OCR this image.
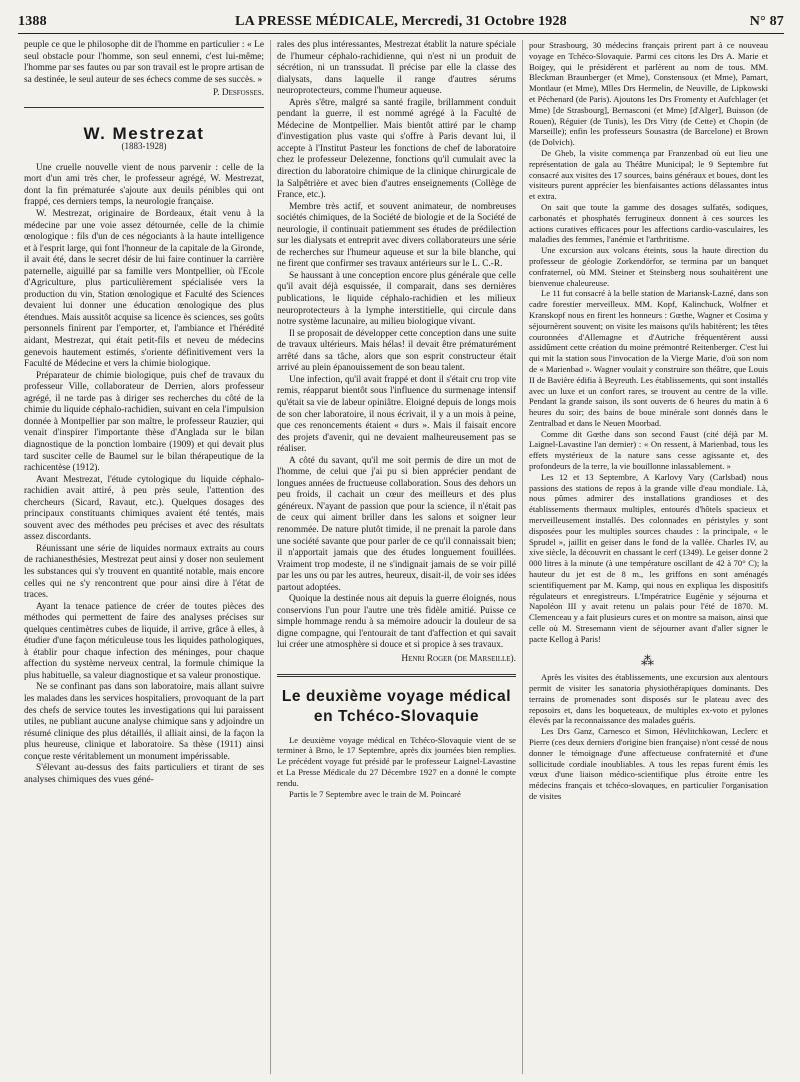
1388	LA PRESSE MÉDICALE, Mercredi, 31 Octobre 1928	N° 87

peuple ce que le philosophe dit de l'homme en particulier : « Le seul obstacle pour l'homme, son seul ennemi, c'est lui-même; l'homme par ses fautes ou par son travail est le propre artisan de sa destinée, le seul auteur de ses échecs comme de ses succès. »

P. Desfosses.

W. Mestrezat
(1883-1928)

Une cruelle nouvelle vient de nous parvenir : celle de la mort d'un ami très cher, le professeur agrégé, W. Mestrezat, dont la fin prématurée s'ajoute aux deuils pénibles qui ont frappé, ces derniers temps, la neurologie française.

W. Mestrezat, originaire de Bordeaux, était venu à la médecine par une voie assez détournée, celle de la chimie œnologique : fils d'un de ces négociants à la haute intelligence et à l'esprit large, qui font l'honneur de la capitale de la Gironde, il avait été, dans le secret désir de lui faire continuer la carrière paternelle, aiguillé par sa famille vers Montpellier, où l'Ecole d'Agriculture, plus particulièrement spécialisée vers la production du vin, Station œnologique et Faculté des Sciences devaient lui donner une éducation œnologique des plus étendues. Mais aussitôt acquise sa licence ès sciences, ses goûts personnels finirent par l'emporter, et, l'ambiance et l'hérédité aidant, Mestrezat, qui était petit-fils et neveu de médecins genevois hautement estimés, s'oriente définitivement vers la Faculté de Médecine et vers la chimie biologique.

Préparateur de chimie biologique, puis chef de travaux du professeur Ville, collaborateur de Derrien, alors professeur agrégé, il ne tarde pas à diriger ses recherches du côté de la chimie du liquide céphalo-rachidien, suivant en cela l'impulsion donnée à Montpellier par son maître, le professeur Rauzier, qui venait d'inspirer l'importante thèse d'Anglada sur le bilan diagnostique de la ponction lombaire (1909) et qui devait plus tard susciter celle de Baumel sur le bilan thérapeutique de la rachicentèse (1912).

Avant Mestrezat, l'étude cytologique du liquide céphalo-rachidien avait attiré, à peu près seule, l'attention des chercheurs (Sicard, Ravaut, etc.). Quelques dosages des principaux constituants chimiques avaient été tentés, mais souvent avec des méthodes peu précises et avec des résultats assez discordants.

Réunissant une série de liquides normaux extraits au cours de rachianesthésies, Mestrezat peut ainsi y doser non seulement les substances qui s'y trouvent en quantité notable, mais encore celles qui ne s'y rencontrent que pour ainsi dire à l'état de traces.

Ayant la tenace patience de créer de toutes pièces des méthodes qui permettent de faire des analyses précises sur quelques centimètres cubes de liquide, il arrive, grâce à elles, à étudier d'une façon méticuleuse tous les liquides pathologiques, à établir pour chaque infection des méninges, pour chaque affection du système nerveux central, la formule chimique la plus habituelle, sa valeur diagnostique et sa valeur pronostique.

Ne se confinant pas dans son laboratoire, mais allant suivre les malades dans les services hospitaliers, provoquant de la part des chefs de service toutes les investigations qui lui paraissent utiles, ne publiant aucune analyse chimique sans y adjoindre un résumé clinique des plus détaillés, il alliait ainsi, de la façon la plus heureuse, clinique et laboratoire. Sa thèse (1911) ainsi conçue reste véritablement un monument impérissable.

S'élevant au-dessus des faits particuliers et tirant de ses analyses chimiques des vues géné-

rales des plus intéressantes, Mestrezat établit la nature spéciale de l'humeur céphalo-rachidienne, qui n'est ni un produit de sécrétion, ni un transsudat. Il précise par elle la classe des dialysats, dans laquelle il range d'autres sérums neuroprotecteurs, comme l'humeur aqueuse.

Après s'être, malgré sa santé fragile, brillamment conduit pendant la guerre, il est nommé agrégé à la Faculté de Médecine de Montpellier. Mais bientôt attiré par le champ d'investigation plus vaste qui s'offre à Paris devant lui, il accepte à l'Institut Pasteur les fonctions de chef de laboratoire chez le professeur Delezenne, fonctions qu'il cumulait avec la direction du laboratoire chimique de la clinique chirurgicale de la Salpêtrière et avec bien d'autres enseignements (Collège de France, etc.).

Membre très actif, et souvent animateur, de nombreuses sociétés chimiques, de la Société de biologie et de la Société de neurologie, il continuait patiemment ses études de prédilection sur les dialysats et entreprit avec divers collaborateurs une série de recherches sur l'humeur aqueuse et sur la bile blanche, qui ne firent que confirmer ses travaux antérieurs sur le L. C.-R.

Se haussant à une conception encore plus générale que celle qu'il avait déjà esquissée, il comparait, dans ses dernières publications, le liquide céphalo-rachidien et les milieux neuroprotecteurs à la lymphe interstitielle, qui circule dans notre système lacunaire, au milieu biologique vivant.

Il se proposait de développer cette conception dans une suite de travaux ultérieurs. Mais hélas! il devait être prématurément arrêté dans sa tâche, alors que son esprit constructeur était arrivé au plein épanouissement de son beau talent.

Une infection, qu'il avait frappé et dont il s'était cru trop vite remis, réapparut bientôt sous l'influence du surmenage intensif qu'était sa vie de labeur opiniâtre. Eloigné depuis de longs mois de son cher laboratoire, il nous écrivait, il y a un mois à peine, que ces renoncements étaient « durs ». Mais il faisait encore des projets d'avenir, qui ne devaient malheureusement pas se réaliser.

A côté du savant, qu'il me soit permis de dire un mot de l'homme, de celui que j'ai pu si bien apprécier pendant de longues années de fructueuse collaboration. Sous des dehors un peu froids, il cachait un cœur des meilleurs et des plus généreux. N'ayant de passion que pour la science, il n'était pas de ceux qui aiment briller dans les salons et soigner leur renommée. De nature plutôt timide, il ne prenait la parole dans une société savante que pour parler de ce qu'il connaissait bien; il n'apportait jamais que des études longuement fouillées. Vraiment trop modeste, il ne s'indignait jamais de se voir pillé par les uns ou par les autres, heureux, disait-il, de voir ses idées partout adoptées.

Quoique la destinée nous ait depuis la guerre éloignés, nous conservions l'un pour l'autre une très fidèle amitié. Puisse ce simple hommage rendu à sa mémoire adoucir la douleur de sa digne compagne, qui l'entourait de tant d'affection et qui savait lui créer une atmosphère si douce et si propice à ses travaux.

Henri Roger (de Marseille).

Le deuxième voyage médical
en Tchéco-Slovaquie

Le deuxième voyage médical en Tchéco-Slovaquie vient de se terminer à Brno, le 17 Septembre, après dix journées bien remplies. Le précédent voyage fut présidé par le professeur Laignel-Lavastine et La Presse Médicale du 27 Décembre 1927 en a donné le compte rendu.

Partis le 7 Septembre avec le train de M. Poincaré

pour Strasbourg, 30 médecins français prirent part à ce nouveau voyage en Tchéco-Slovaquie. Parmi ces citons les Drs A. Marie et Boigey, qui le présidèrent et parlèrent au nom de tous. MM. Bleckman Braunberger (et Mme), Constensoux (et Mme), Pamart, Montlaur (et Mme), Mlles Drs Hermelin, de Neuville, de Lipkowski et Péchenard (de Paris). Ajoutons les Drs Fromenty et Aufchlager (et Mme) [de Strasbourg], Bernasconi (et Mme) [d'Alger], Buisson (de Rouen), Réguier (de Tunis), les Drs Vitry (de Cette) et Chopin (de Marseille); enfin les professeurs Sousastra (de Barcelone) et Brown (de Dolvich).

De Gheb, la visite commença par Franzenbad où eut lieu une représentation de gala au Théâtre Municipal; le 9 Septembre fut consacré aux visites des 17 sources, bains généraux et boues, dont les visiteurs purent apprécier les bienfaisantes actions délassantes intus et extra.

On sait que toute la gamme des dosages sulfatés, sodiques, carbonatés et phosphatés ferrugineux donnent à ces sources les actions curatives efficaces pour les affections cardio-vasculaires, les maladies des femmes, l'anémie et l'arthritisme.

Une excursion aux volcans éteints, sous la haute direction du professeur de géologie Zorkendörfor, se termina par un banquet confraternel, où MM. Steiner et Steinsberg nous souhaitèrent une bienvenue chaleureuse.

Le 11 fut consacré à la belle station de Mariansk-Lazné, dans son cadre forestier merveilleux. MM. Kopf, Kalinchuck, Wolfner et Kranskopf nous en firent les honneurs : Gœthe, Wagner et Cosima y séjournèrent souvent; on visite les maisons qu'ils habitèrent; les têtes couronnées d'Allemagne et d'Autriche fréquentèrent aussi assidûment cette création du moine prémontré Reitenberger. C'est lui qui mit la station sous l'invocation de la Vierge Marie, d'où son nom de « Marienbad ». Wagner voulait y construire son théâtre, que Louis II de Bavière édifia à Beyreuth. Les établissements, qui sont installés avec un luxe et un confort rares, se trouvent au centre de la ville. Pendant la grande saison, ils sont ouverts de 6 heures du matin à 6 heures du soir; des bains de boue minérale sont donnés dans le Zentralbad et dans le Neuen Moorbad.

Comme dit Gœthe dans son second Faust (cité déjà par M. Laignel-Lavastine l'an dernier) : « On ressent, à Marienbad, tous les effets mystérieux de la nature sans cesse agissante et, des profondeurs de la terre, la vie bouillonne inlassablement. »

Les 12 et 13 Septembre, A Karlovy Vary (Carlsbad) nous passions des stations de repos à la grande ville d'eau mondiale. Là, nous pûmes admirer des installations grandioses et des établissements thermaux multiples, entourés d'hôtels spacieux et merveilleusement installés. Des colonnades en péristyles y sont disposées pour les multiples sources chaudes : la principale, « le Sprudel », jaillit en geiser dans le fond de la vallée. Charles IV, au xive siècle, la découvrit en chassant le cerf (1349). Le geiser donne 2 000 litres à la minute (à une température oscillant de 42 à 70° C); la hauteur du jet est de 8 m., les griffons en sont aménagés scientifiquement par M. Kamp, qui nous en expliqua les dispositifs régulateurs et enregistreurs. L'Impératrice Eugénie y séjourna et Napoléon III y avait retenu un palais pour l'été de 1870. M. Clemenceau y a fait plusieurs cures et on montre sa maison, ainsi que celle où M. Stresemann vient de séjourner avant d'aller signer le pacte Kellog à Paris!

⁂

Après les visites des établissements, une excursion aux alentours permit de visiter les sanatoria physiothérapiques dominants. Des terrains de promenades sont disposés sur le plateau avec des reposoirs et, dans les boqueteaux, de multiples ex-voto et pylones élevés par la reconnaissance des malades guéris.

Les Drs Ganz, Carnesco et Simon, Hévlitchkowan, Leclerc et Pierre (ces deux derniers d'origine bien française) n'ont cessé de nous donner le témoignage d'une affectueuse confraternité et d'une sollicitude cordiale inoubliables. A tous les repas furent émis les vœux d'une liaison médico-scientifique plus étroite entre les médecins français et tchéco-slovaques, en particulier l'organisation de visites
